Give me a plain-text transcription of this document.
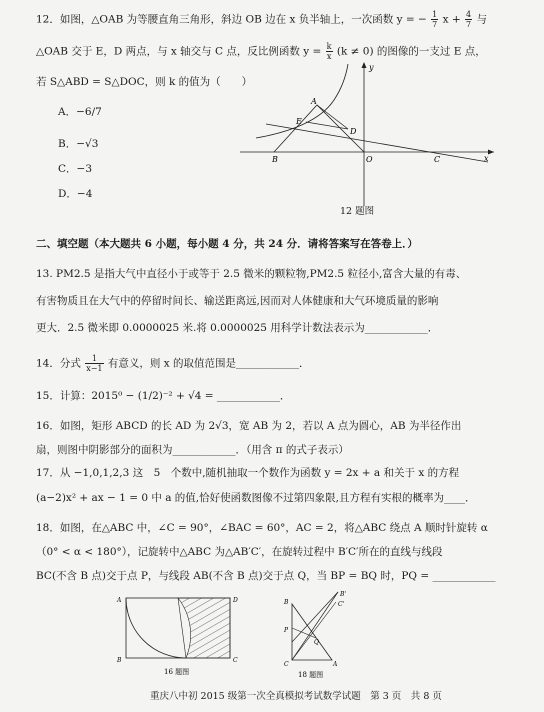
12．如图，△OAB 为等腰直角三角形，斜边 OB 边在 x 负半轴上，一次函数 y = − $\frac{1}{7}$ $x + \frac{4}{7}$ 与
△OAB 交于 E，D 两点，与 x 轴交与 C 点，反比例函数 $y = \frac{k}{x} (k \ne 0)$ 的图像的一支过 E 点，
若 S△ABD = S△DOC，则 k 的值为（　　）
A．−6/7
B．−√3
C．−3
D．−4
y
x
A
E
D
B	O	C
12 题图
二、填空题（本大题共 6 小题，每小题 4 分，共 24 分．请将答案写在答卷上．）
13. PM2.5 是指大气中直径小于或等于 2.5 微米的颗粒物,PM2.5 粒径小,富含大量的有毒、
有害物质且在大气中的停留时间长、输送距离远,因而对人体健康和大气环境质量的影响
更大．2.5 微米即 0.0000025 米.将 0.0000025 用科学计数法表示为____________．
14．分式 $\frac{1}{x-1}$ 有意义，则 x 的取值范围是____________．
15．计算：2015⁰ − (1/2)⁻² + √4 = ____________．
16．如图，矩形 ABCD 的长 AD 为 2√3，宽 AB 为 2，若以 A 点为圆心，AB 为半径作出
扇，则图中阴影部分的面积为____________．（用含 π 的式子表示）
17．从 −1,0,1,2,3 这　5　个数中,随机抽取一个数作为函数 y = 2x + a 和关于 x 的方程
(a−2)x² + ax − 1 = 0 中 a 的值,恰好使函数图像不过第四象限,且方程有实根的概率为____．
18．如图，在△ABC 中，∠C = 90°，∠BAC = 60°，AC = 2，将△ABC 绕点 A 顺时针旋转 α
（0° < α < 180°），记旋转中△ABC 为△AB′C′，在旋转过程中 B′C′所在的直线与线段
BC(不含 B 点)交于点 P，与线段 AB(不含 B 点)交于点 Q，当 BP = BQ 时，PQ = ____________
A	D
B	C
16 题图
B'
C'
B
P
Q
C	A
18 题图
重庆八中初 2015 级第一次全真模拟考试数学试题　第 3 页　共 8 页
